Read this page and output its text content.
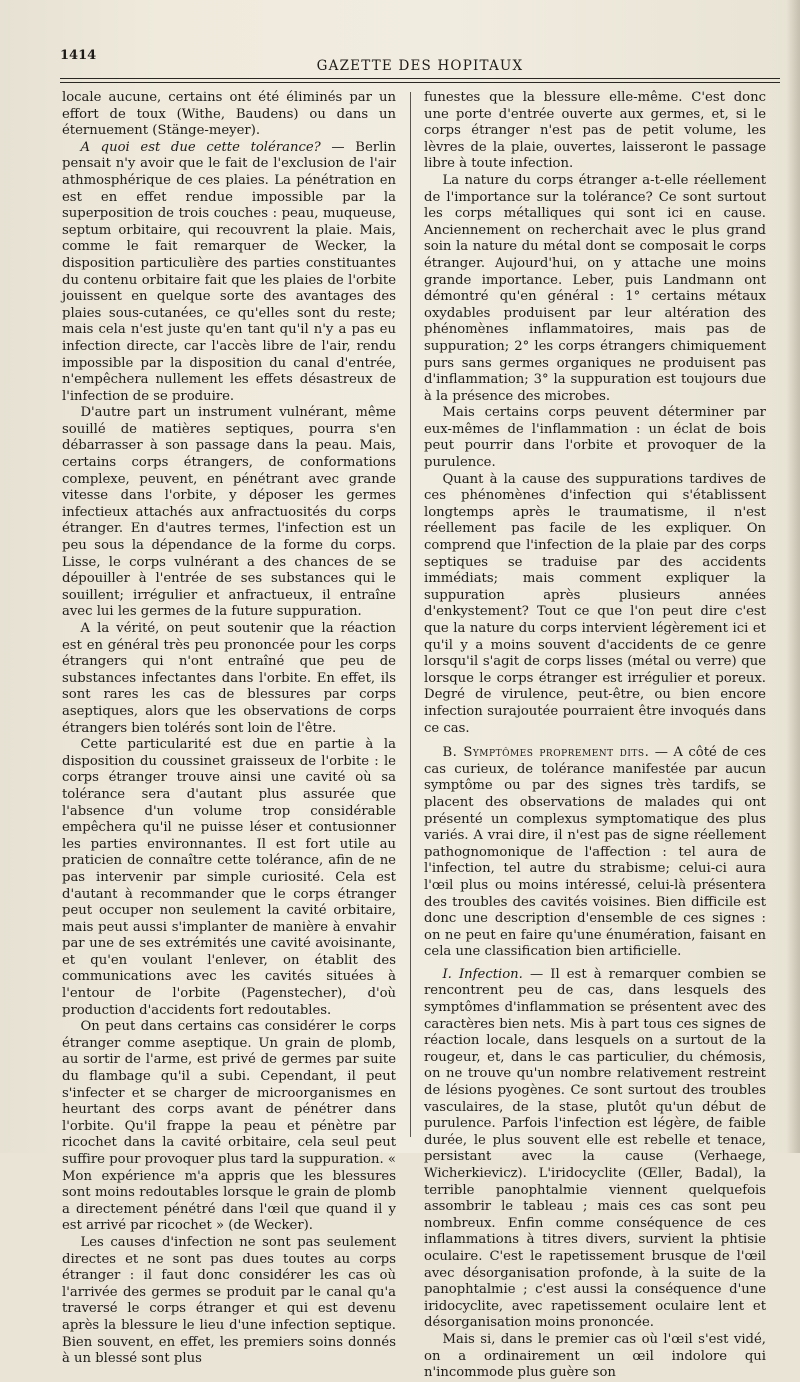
1414
GAZETTE DES HOPITAUX

locale aucune, certains ont été éliminés par un effort de toux (Withe, Baudens) ou dans un éternuement (Stänge-meyer).

A quoi est due cette tolérance? — Berlin pensait n'y avoir que le fait de l'exclusion de l'air athmosphérique de ces plaies. La pénétration en est en effet rendue impossible par la superposition de trois couches : peau, muqueuse, septum orbitaire, qui recouvrent la plaie. Mais, comme le fait remarquer de Wecker, la disposition particulière des parties constituantes du contenu orbitaire fait que les plaies de l'orbite jouissent en quelque sorte des avantages des plaies sous-cutanées, ce qu'elles sont du reste; mais cela n'est juste qu'en tant qu'il n'y a pas eu infection directe, car l'accès libre de l'air, rendu impossible par la disposition du canal d'entrée, n'empêchera nullement les effets désastreux de l'infection de se produire.

D'autre part un instrument vulnérant, même souillé de matières septiques, pourra s'en débarrasser à son passage dans la peau. Mais, certains corps étrangers, de conformations complexe, peuvent, en pénétrant avec grande vitesse dans l'orbite, y déposer les germes infectieux attachés aux anfractuosités du corps étranger. En d'autres termes, l'infection est un peu sous la dépendance de la forme du corps. Lisse, le corps vulnérant a des chances de se dépouiller à l'entrée de ses substances qui le souillent; irrégulier et anfractueux, il entraîne avec lui les germes de la future suppuration.

A la vérité, on peut soutenir que la réaction est en général très peu prononcée pour les corps étrangers qui n'ont entraîné que peu de substances infectantes dans l'orbite. En effet, ils sont rares les cas de blessures par corps aseptiques, alors que les observations de corps étrangers bien tolérés sont loin de l'être.

Cette particularité est due en partie à la disposition du coussinet graisseux de l'orbite : le corps étranger trouve ainsi une cavité où sa tolérance sera d'autant plus assurée que l'absence d'un volume trop considérable empêchera qu'il ne puisse léser et contusionner les parties environnantes. Il est fort utile au praticien de connaître cette tolérance, afin de ne pas intervenir par simple curiosité. Cela est d'autant à recommander que le corps étranger peut occuper non seulement la cavité orbitaire, mais peut aussi s'implanter de manière à envahir par une de ses extrémités une cavité avoisinante, et qu'en voulant l'enlever, on établit des communications avec les cavités situées à l'entour de l'orbite (Pagenstecher), d'où production d'accidents fort redoutables.

On peut dans certains cas considérer le corps étranger comme aseptique. Un grain de plomb, au sortir de l'arme, est privé de germes par suite du flambage qu'il a subi. Cependant, il peut s'infecter et se charger de microorganismes en heurtant des corps avant de pénétrer dans l'orbite. Qu'il frappe la peau et pénètre par ricochet dans la cavité orbitaire, cela seul peut suffire pour provoquer plus tard la suppuration. « Mon expérience m'a appris que les blessures sont moins redoutables lorsque le grain de plomb a directement pénétré dans l'œil que quand il y est arrivé par ricochet » (de Wecker).

Les causes d'infection ne sont pas seulement directes et ne sont pas dues toutes au corps étranger : il faut donc considérer les cas où l'arrivée des germes se produit par le canal qu'a traversé le corps étranger et qui est devenu après la blessure le lieu d'une infection septique. Bien souvent, en effet, les premiers soins donnés à un blessé sont plus

funestes que la blessure elle-même. C'est donc une porte d'entrée ouverte aux germes, et, si le corps étranger n'est pas de petit volume, les lèvres de la plaie, ouvertes, laisseront le passage libre à toute infection.

La nature du corps étranger a-t-elle réellement de l'importance sur la tolérance? Ce sont surtout les corps métalliques qui sont ici en cause. Anciennement on recherchait avec le plus grand soin la nature du métal dont se composait le corps étranger. Aujourd'hui, on y attache une moins grande importance. Leber, puis Landmann ont démontré qu'en général : 1° certains métaux oxydables produisent par leur altération des phénomènes inflammatoires, mais pas de suppuration; 2° les corps étrangers chimiquement purs sans germes organiques ne produisent pas d'inflammation; 3° la suppuration est toujours due à la présence des microbes.

Mais certains corps peuvent déterminer par eux-mêmes de l'inflammation : un éclat de bois peut pourrir dans l'orbite et provoquer de la purulence.

Quant à la cause des suppurations tardives de ces phénomènes d'infection qui s'établissent longtemps après le traumatisme, il n'est réellement pas facile de les expliquer. On comprend que l'infection de la plaie par des corps septiques se traduise par des accidents immédiats; mais comment expliquer la suppuration après plusieurs années d'enkystement? Tout ce que l'on peut dire c'est que la nature du corps intervient légèrement ici et qu'il y a moins souvent d'accidents de ce genre lorsqu'il s'agit de corps lisses (métal ou verre) que lorsque le corps étranger est irrégulier et poreux. Degré de virulence, peut-être, ou bien encore infection surajoutée pourraient être invoqués dans ce cas.

B. Symptômes proprement dits. — A côté de ces cas curieux, de tolérance manifestée par aucun symptôme ou par des signes très tardifs, se placent des observations de malades qui ont présenté un complexus symptomatique des plus variés. A vrai dire, il n'est pas de signe réellement pathognomonique de l'affection : tel aura de l'infection, tel autre du strabisme; celui-ci aura l'œil plus ou moins intéressé, celui-là présentera des troubles des cavités voisines. Bien difficile est donc une description d'ensemble de ces signes : on ne peut en faire qu'une énumération, faisant en cela une classification bien artificielle.

I. Infection. — Il est à remarquer combien se rencontrent peu de cas, dans lesquels des symptômes d'inflammation se présentent avec des caractères bien nets. Mis à part tous ces signes de réaction locale, dans lesquels on a surtout de la rougeur, et, dans le cas particulier, du chémosis, on ne trouve qu'un nombre relativement restreint de lésions pyogènes. Ce sont surtout des troubles vasculaires, de la stase, plutôt qu'un début de purulence. Parfois l'infection est légère, de faible durée, le plus souvent elle est rebelle et tenace, persistant avec la cause (Verhaege, Wicherkievicz). L'iridocyclite (Œller, Badal), la terrible panophtalmie viennent quelquefois assombrir le tableau ; mais ces cas sont peu nombreux. Enfin comme conséquence de ces inflammations à titres divers, survient la phtisie oculaire. C'est le rapetissement brusque de l'œil avec désorganisation profonde, à la suite de la panophtalmie ; c'est aussi la conséquence d'une iridocyclite, avec rapetissement oculaire lent et désorganisation moins prononcée.

Mais si, dans le premier cas où l'œil s'est vidé, on a ordinairement un œil indolore qui n'incommode plus guère son
